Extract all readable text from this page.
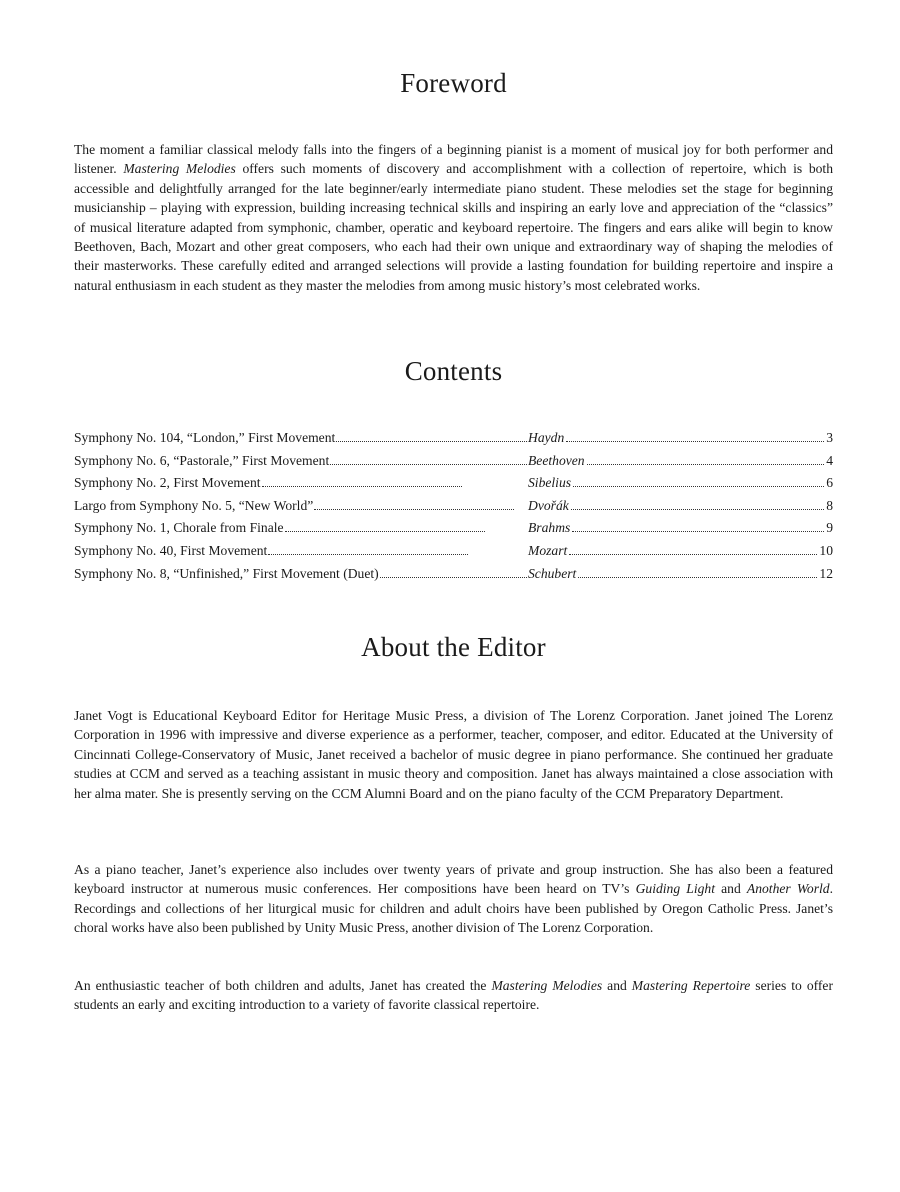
Foreword

The moment a familiar classical melody falls into the fingers of a beginning pianist is a moment of musical joy for both performer and listener. Mastering Melodies offers such moments of discovery and accomplishment with a collection of repertoire, which is both accessible and delightfully arranged for the late beginner/early intermediate piano student. These melodies set the stage for beginning musicianship – playing with expression, building increasing technical skills and inspiring an early love and appreciation of the “classics” of musical literature adapted from symphonic, chamber, operatic and keyboard repertoire. The fingers and ears alike will begin to know Beethoven, Bach, Mozart and other great composers, who each had their own unique and extraordinary way of shaping the melodies of their masterworks. These carefully edited and arranged selections will provide a lasting foundation for building repertoire and inspire a natural enthusiasm in each student as they master the melodies from among music history’s most celebrated works.

Contents
Symphony No. 104, “London,” First Movement	Haydn	3
Symphony No. 6, “Pastorale,” First Movement	Beethoven	4
Symphony No. 2, First Movement	Sibelius	6
Largo from Symphony No. 5, “New World”	Dvořák	8
Symphony No. 1, Chorale from Finale	Brahms	9
Symphony No. 40, First Movement	Mozart	10
Symphony No. 8, “Unfinished,” First Movement (Duet)	Schubert	12
About the Editor

Janet Vogt is Educational Keyboard Editor for Heritage Music Press, a division of The Lorenz Corporation. Janet joined The Lorenz Corporation in 1996 with impressive and diverse experience as a performer, teacher, composer, and editor. Educated at the University of Cincinnati College-Conservatory of Music, Janet received a bachelor of music degree in piano performance. She continued her graduate studies at CCM and served as a teaching assistant in music theory and composition. Janet has always maintained a close association with her alma mater. She is presently serving on the CCM Alumni Board and on the piano faculty of the CCM Preparatory Department.

As a piano teacher, Janet’s experience also includes over twenty years of private and group instruction. She has also been a featured keyboard instructor at numerous music conferences. Her compositions have been heard on TV’s Guiding Light and Another World. Recordings and collections of her liturgical music for children and adult choirs have been published by Oregon Catholic Press. Janet’s choral works have also been published by Unity Music Press, another division of The Lorenz Corporation.

An enthusiastic teacher of both children and adults, Janet has created the Mastering Melodies and Mastering Repertoire series to offer students an early and exciting introduction to a variety of favorite classical repertoire.
